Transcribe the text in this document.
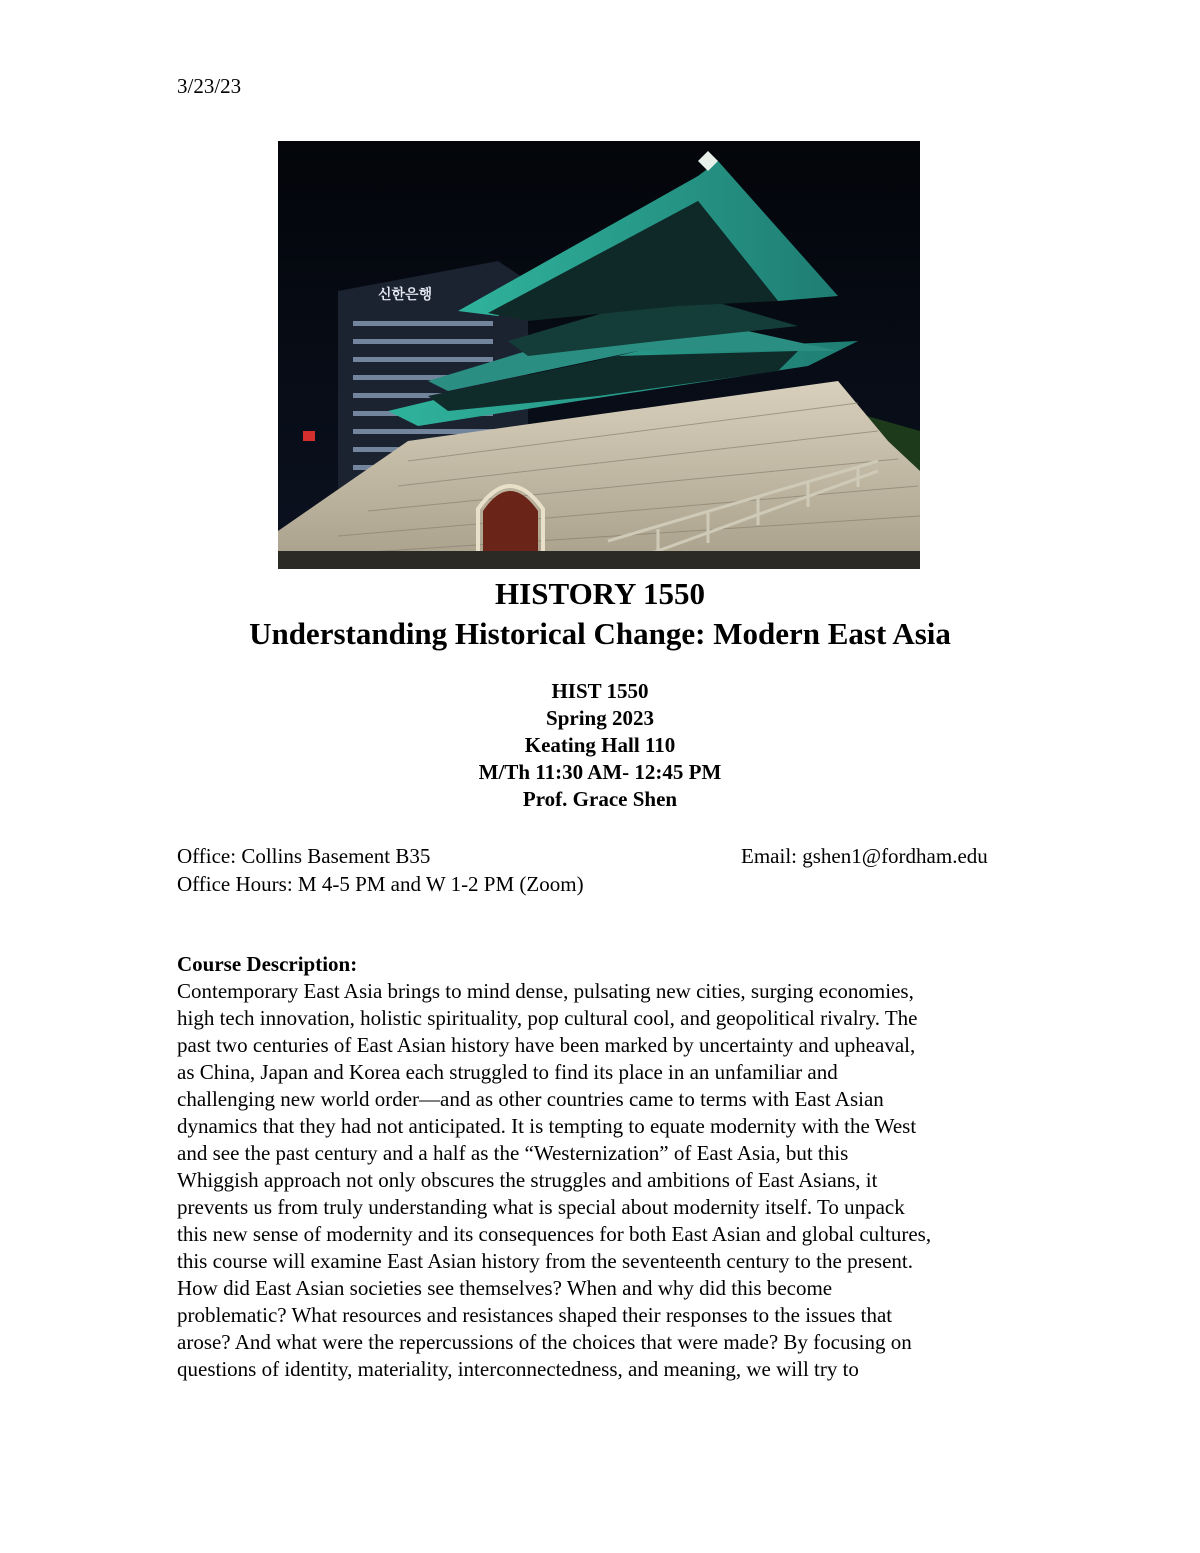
3/23/23
신한은행
HISTORY 1550
Understanding Historical Change: Modern East Asia
HIST 1550
Spring 2023
Keating Hall 110
M/Th 11:30 AM- 12:45 PM
Prof. Grace Shen
Office: Collins Basement B35	Email: gshen1@fordham.edu
Office Hours: M 4-5 PM and W 1-2 PM (Zoom)
Course Description:
Contemporary East Asia brings to mind dense, pulsating new cities, surging economies,
high tech innovation, holistic spirituality, pop cultural cool, and geopolitical rivalry. The
past two centuries of East Asian history have been marked by uncertainty and upheaval,
as China, Japan and Korea each struggled to find its place in an unfamiliar and
challenging new world order—and as other countries came to terms with East Asian
dynamics that they had not anticipated. It is tempting to equate modernity with the West
and see the past century and a half as the “Westernization” of East Asia, but this
Whiggish approach not only obscures the struggles and ambitions of East Asians, it
prevents us from truly understanding what is special about modernity itself. To unpack
this new sense of modernity and its consequences for both East Asian and global cultures,
this course will examine East Asian history from the seventeenth century to the present.
How did East Asian societies see themselves? When and why did this become
problematic? What resources and resistances shaped their responses to the issues that
arose? And what were the repercussions of the choices that were made? By focusing on
questions of identity, materiality, interconnectedness, and meaning, we will try to
